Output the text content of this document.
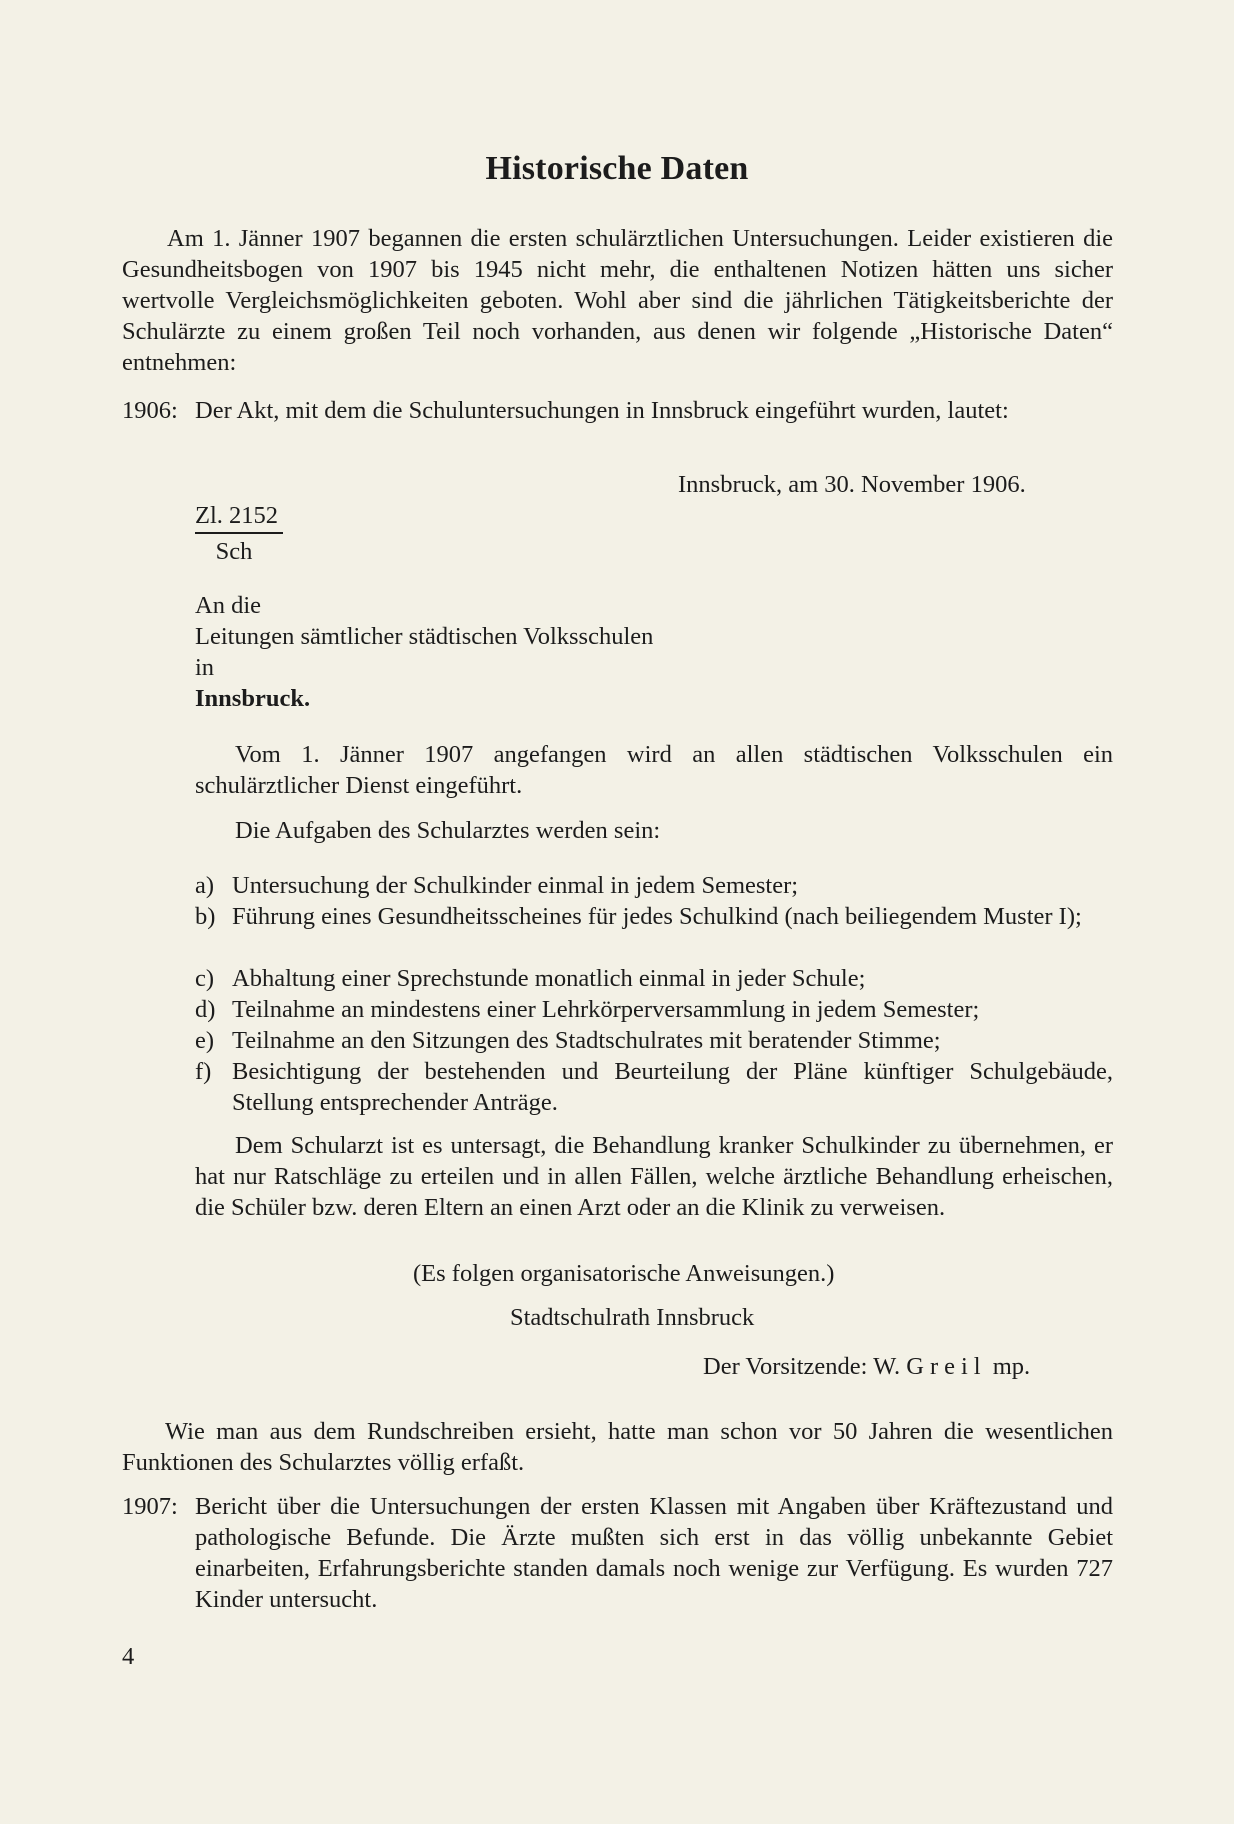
Historische Daten

Am 1. Jänner 1907 begannen die ersten schulärztlichen Untersuchungen. Leider existieren die Gesundheitsbogen von 1907 bis 1945 nicht mehr, die enthaltenen Notizen hätten uns sicher wertvolle Vergleichsmöglichkeiten geboten. Wohl aber sind die jährlichen Tätigkeitsberichte der Schulärzte zu einem großen Teil noch vorhanden, aus denen wir folgende „Historische Daten“ entnehmen:

1906: Der Akt, mit dem die Schuluntersuchungen in Innsbruck eingeführt wurden, lautet:

Innsbruck, am 30. November 1906.
Zl. 2152
Sch
An die
Leitungen sämtlicher städtischen Volksschulen
in
Innsbruck.

Vom 1. Jänner 1907 angefangen wird an allen städtischen Volksschulen ein schulärztlicher Dienst eingeführt.

Die Aufgaben des Schularztes werden sein:
a) Untersuchung der Schulkinder einmal in jedem Semester;
b) Führung eines Gesundheitsscheines für jedes Schulkind (nach beiliegendem Muster I);
c) Abhaltung einer Sprechstunde monatlich einmal in jeder Schule;
d) Teilnahme an mindestens einer Lehrkörperversammlung in jedem Semester;
e) Teilnahme an den Sitzungen des Stadtschulrates mit beratender Stimme;
f) Besichtigung der bestehenden und Beurteilung der Pläne künftiger Schulgebäude, Stellung entsprechender Anträge.

Dem Schularzt ist es untersagt, die Behandlung kranker Schulkinder zu übernehmen, er hat nur Ratschläge zu erteilen und in allen Fällen, welche ärztliche Behandlung erheischen, die Schüler bzw. deren Eltern an einen Arzt oder an die Klinik zu verweisen.

(Es folgen organisatorische Anweisungen.)
Stadtschulrath Innsbruck
Der Vorsitzende: W. Greil mp.

Wie man aus dem Rundschreiben ersieht, hatte man schon vor 50 Jahren die wesentlichen Funktionen des Schularztes völlig erfaßt.

1907: Bericht über die Untersuchungen der ersten Klassen mit Angaben über Kräftezustand und pathologische Befunde. Die Ärzte mußten sich erst in das völlig unbekannte Gebiet einarbeiten, Erfahrungsberichte standen damals noch wenige zur Verfügung. Es wurden 727 Kinder untersucht.

4
